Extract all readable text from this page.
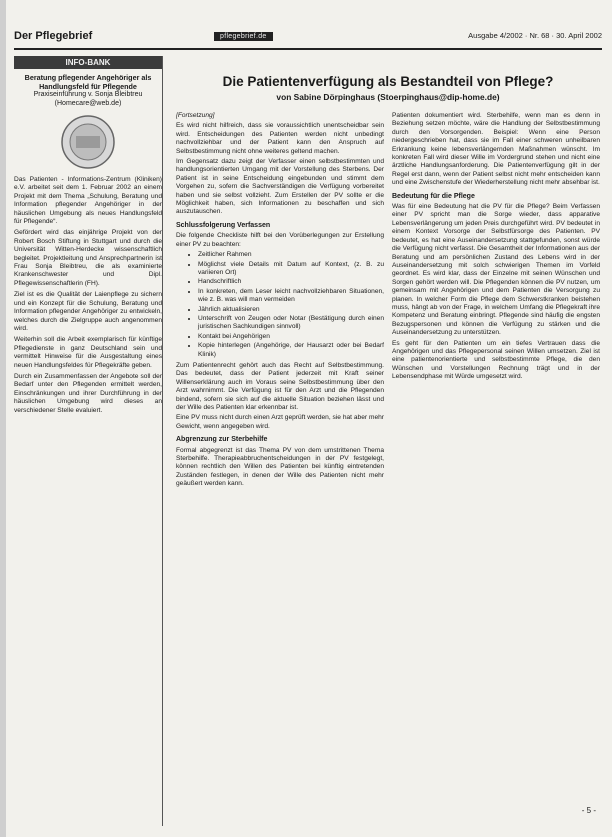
Der Pflegebrief	pflegebrief.de	Ausgabe 4/2002 · Nr. 68 · 30. April 2002
INFO-BANK
Beratung pflegender Angehöriger als Handlungsfeld für Pflegende
Praxiseinführung v. Sonja Bleibtreu (Homecare@web.de)

Das Patienten - Informations-Zentrum (Kliniken) e.V. arbeitet seit dem 1. Februar 2002 an einem Projekt mit dem Thema „Schulung, Beratung und Information pflegender Angehöriger in der häuslichen Umgebung als neues Handlungsfeld für Pflegende“.

Gefördert wird das einjährige Projekt von der Robert Bosch Stiftung in Stuttgart und durch die Universität Witten-Herdecke wissenschaftlich begleitet. Projektleitung und Ansprechpartnerin ist Frau Sonja Bleibtreu, die als examinierte Krankenschwester und Dipl. Pflegewissenschaftlerin (FH).

Ziel ist es die Qualität der Laienpflege zu sichern und ein Konzept für die Schulung, Beratung und Information pflegender Angehöriger zu entwickeln, welches durch die Zielgruppe auch angenommen wird.

Weiterhin soll die Arbeit exemplarisch für künftige Pflegedienste in ganz Deutschland sein und vermittelt Hinweise für die Ausgestaltung eines neuen Handlungsfeldes für Pflegekräfte geben.

Durch ein Zusammenfassen der Angebote soll der Bedarf unter den Pflegenden ermittelt werden, Einschränkungen und ihrer Durchführung in der häuslichen Umgebung wird dieses an verschiedener Stelle evaluiert.

Die Patientenverfügung als Bestandteil von Pflege?
von Sabine Dörpinghaus (Stoerpinghaus@dip-home.de)

[Fortsetzung]

Es wird nicht hilfreich, dass sie voraussichtlich unentscheidbar sein wird. Entscheidungen des Patienten werden nicht unbedingt nachvollziehbar und der Patient kann den Anspruch auf Selbstbestimmung nicht ohne weiteres geltend machen.

Im Gegensatz dazu zeigt der Verfasser einen selbstbestimmten und handlungsorientierten Umgang mit der Vorstellung des Sterbens. Der Patient ist in seine Entscheidung eingebunden und stimmt dem Vorgehen zu, sofern die Sachverständigen die Verfügung vorbereitet haben und sie selbst vollzieht. Zum Erstellen der PV sollte er die Möglichkeit haben, sich Informationen zu beschaffen und sich auszutauschen.

Schlussfolgerung Verfassen

Die folgende Checkliste hilft bei den Vorüberlegungen zur Erstellung einer PV zu beachten:

• Zeitlicher Rahmen
• Möglichst viele Details mit Datum auf Kontext, (z. B. zu variieren Ort)
• Handschriftlich
• In konkreten, dem Leser leicht nachvollziehbaren Situationen, wie z. B. was will man vermeiden
• Jährlich aktualisieren
• Unterschrift von Zeugen oder Notar (Bestätigung durch einen juristischen Sachkundigen sinnvoll)
• Kontakt bei Angehörigen
• Kopie hinterlegen (Angehörige, der Hausarzt oder bei Bedarf Klinik)

Zum Patientenrecht gehört auch das Recht auf Selbstbestimmung. Das bedeutet, dass der Patient jederzeit mit Kraft seiner Willenserklärung auch im Voraus seine Selbstbestimmung über den Arzt wahrnimmt. Die Verfügung ist für den Arzt und die Pflegenden bindend, sofern sie sich auf die aktuelle Situation beziehen lässt und der Wille des Patienten klar erkennbar ist.

Eine PV muss nicht durch einen Arzt geprüft werden, sie hat aber mehr Gewicht, wenn angegeben wird.

Abgrenzung zur Sterbehilfe

Formal abgegrenzt ist das Thema PV von dem umstrittenen Thema Sterbehilfe. Therapieabbruchentscheidungen in der PV festgelegt, können rechtlich den Willen des Patienten bei künftig eintretenden Zuständen festlegen, in denen der Wille des Patienten nicht mehr geäußert werden kann.

Patienten dokumentiert wird. Sterbehilfe, wenn man es denn in Beziehung setzen möchte, wäre die Handlung der Selbstbestimmung durch den Vorsorgenden. Beispiel: Wenn eine Person niedergeschrieben hat, dass sie im Fall einer schweren unheilbaren Erkrankung keine lebensverlängernden Maßnahmen wünscht. Im konkreten Fall wird dieser Wille im Vordergrund stehen und nicht eine ärztliche Handlungsanforderung. Die Patientenverfügung gilt in der Regel erst dann, wenn der Patient selbst nicht mehr entscheiden kann und eine Zwischenstufe der Wiederherstellung nicht mehr absehbar ist.

Bedeutung für die Pflege

Was für eine Bedeutung hat die PV für die Pflege? Beim Verfassen einer PV spricht man die Sorge wieder, dass apparative Lebensverlängerung um jeden Preis durchgeführt wird. PV bedeutet in einem Kontext Vorsorge der Selbstfürsorge des Patienten. PV bedeutet, es hat eine Auseinandersetzung stattgefunden, sonst würde die Verfügung nicht verfasst. Die Gesamtheit der Informationen aus der Beratung und am persönlichen Zustand des Lebens wird in der Auseinandersetzung mit solch schwierigen Themen im Vorfeld geordnet. Es wird klar, dass der Einzelne mit seinen Wünschen und Sorgen gehört werden will. Die Pflegenden können die PV nutzen, um gemeinsam mit Angehörigen und dem Patienten die Versorgung zu planen. In welcher Form die Pflege dem Schwerstkranken beistehen muss, hängt ab von der Frage, in welchem Umfang die Pflegekraft ihre Kompetenz und Beratung einbringt. Pflegende sind häufig die engsten Bezugspersonen und können die Verfügung zu stärken und die Auseinandersetzung zu unterstützen.

Es geht für den Patienten um ein tiefes Vertrauen dass die Angehörigen und das Pflegepersonal seinen Willen umsetzen. Ziel ist eine patientenorientierte und selbstbestimmte Pflege, die den Wünschen und Vorstellungen Rechnung trägt und in der Lebensendphase mit Würde umgesetzt wird.

- 5 -
